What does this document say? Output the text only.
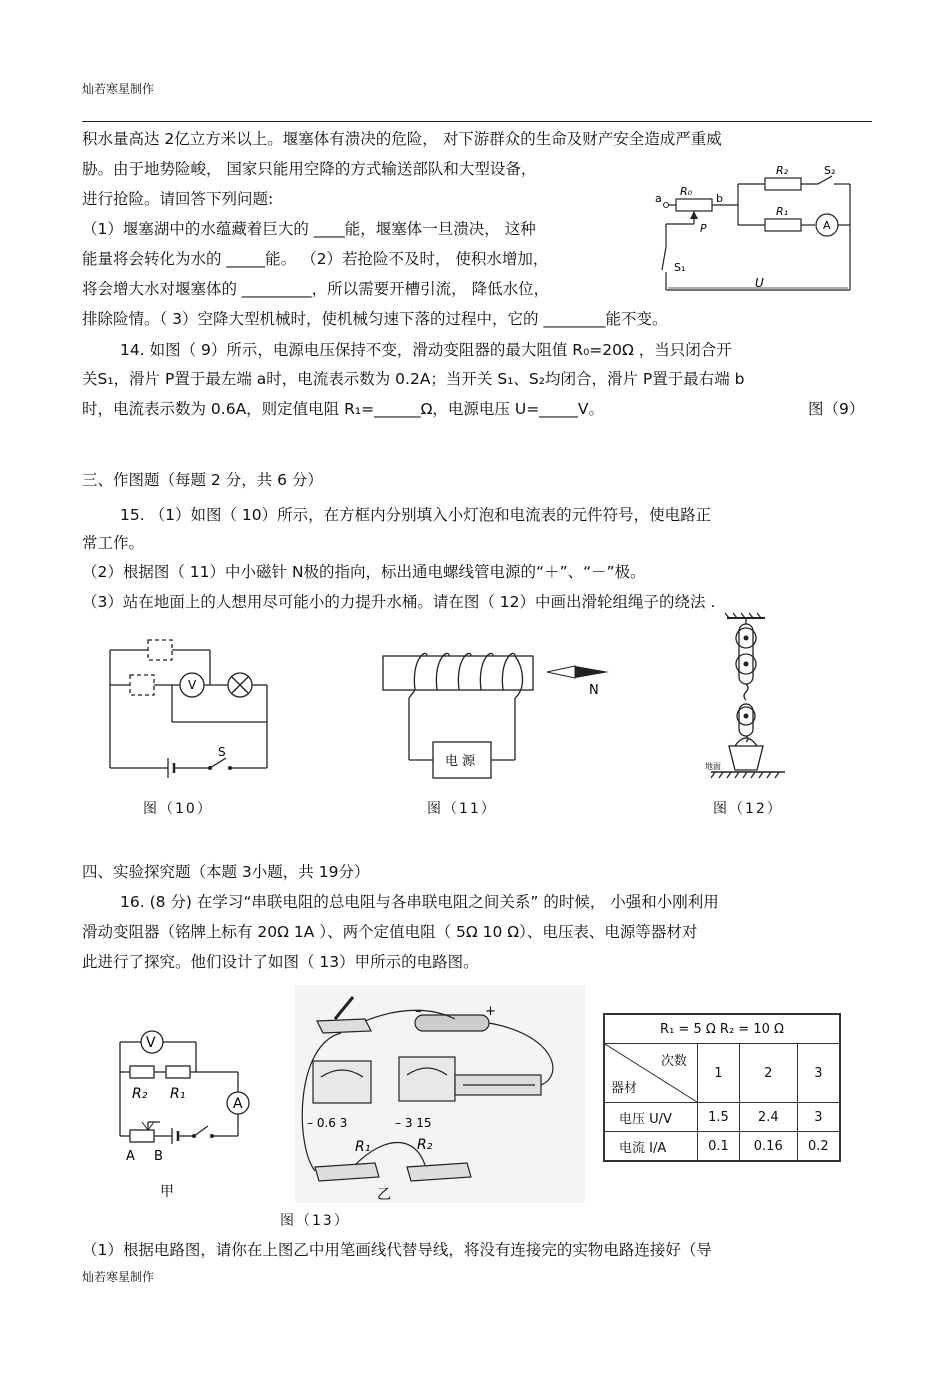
灿若寒星制作
积水量高达 2亿立方米以上。堰塞体有溃决的危险， 对下游群众的生命及财产安全造成严重威
胁。由于地势险峻， 国家只能用空降的方式输送部队和大型设备，
进行抢险。请回答下列问题:
（1）堰塞湖中的水蕴藏着巨大的 ____能，堰塞体一旦溃决， 这种
能量将会转化为水的 _____能。 （2）若抢险不及时， 使积水增加，
将会增大水对堰塞体的 _________，所以需要开槽引流， 降低水位，
排除险情。（ 3）空降大型机械时，使机械匀速下落的过程中，它的 ________能不变。
14. 如图（ 9）所示，电源电压保持不变，滑动变阻器的最大阻值 R₀=20Ω ，当只闭合开
关S₁，滑片 P置于最左端 a时，电流表示数为 0.2A；当开关 S₁、S₂均闭合，滑片 P置于最右端 b
时，电流表示数为 0.6A，则定值电阻 R₁=______Ω，电源电压 U=_____V。	图（9）
a
R₀
b
R₂	S₂
R₁
A
P
S₁
U
三、作图题（每题 2 分，共 6 分）
15. （1）如图（ 10）所示，在方框内分别填入小灯泡和电流表的元件符号，使电路正
常工作。
（2）根据图（ 11）中小磁针 N极的指向，标出通电螺线管电源的“＋”、“－”极。
（3）站在地面上的人想用尽可能小的力提升水桶。请在图（ 12）中画出滑轮组绳子的绕法 .
V
S
图（10）
N
电 源
图（11）
地面
图（12）
四、实验探究题（本题 3小题，共 19分）
16. (8 分) 在学习“串联电阻的总电阻与各串联电阻之间关系” 的时候， 小强和小刚利用
滑动变阻器（铭牌上标有 20Ω 1A ）、两个定值电阻（ 5Ω 10 Ω）、电压表、电源等器材对
此进行了探究。他们设计了如图（ 13）甲所示的电路图。
V
A
R₂ R₁
A B
甲
–	+
– 0.6 3	– 3 15
R₁	R₂
乙
R₁ = 5 Ω R₂ = 10 Ω			

次数
器材	1	2	3
电压 U/V	1.5	2.4	3
电流 I/A	0.1	0.16	0.2
图（13）
（1）根据电路图，请你在上图乙中用笔画线代替导线，将没有连接完的实物电路连接好（导
灿若寒星制作
